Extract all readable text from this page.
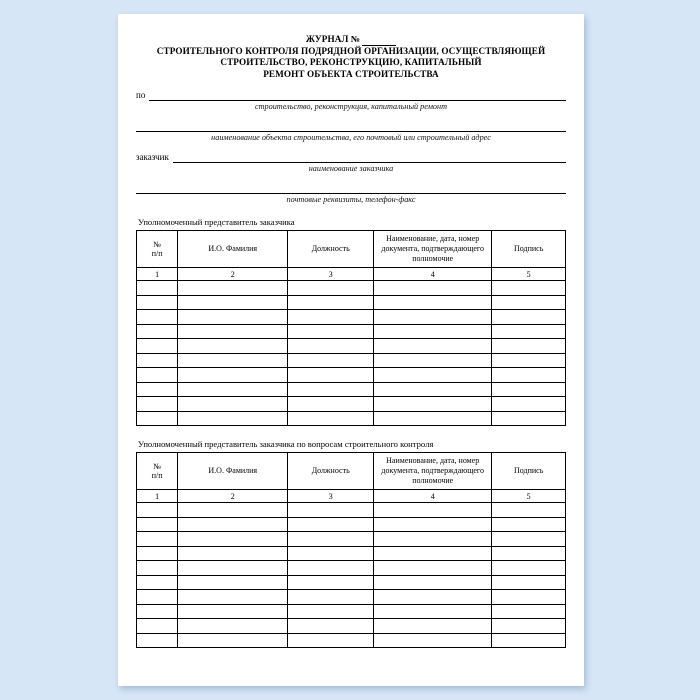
ЖУРНАЛ №
СТРОИТЕЛЬНОГО КОНТРОЛЯ ПОДРЯДНОЙ ОРГАНИЗАЦИИ, ОСУЩЕСТВЛЯЮЩЕЙ
СТРОИТЕЛЬСТВО, РЕКОНСТРУКЦИЮ, КАПИТАЛЬНЫЙ
РЕМОНТ ОБЪЕКТА СТРОИТЕЛЬСТВА
по
строительство, реконструкция, капитальный ремонт
наименование объекта строительства, его почтовый или строительный адрес
заказчик
наименование заказчика
почтовые реквизиты, телефон-факс
Уполномоченный представитель заказчика
№
п/п	И.О. Фамилия	Должность	Наименование, дата, номер документа, подтверждающего полномочие	Подпись
1	2	3	4	5

Уполномоченный представитель заказчика по вопросам строительного контроля
№
п/п	И.О. Фамилия	Должность	Наименование, дата, номер документа, подтверждающего полномочие	Подпись
1	2	3	4	5
